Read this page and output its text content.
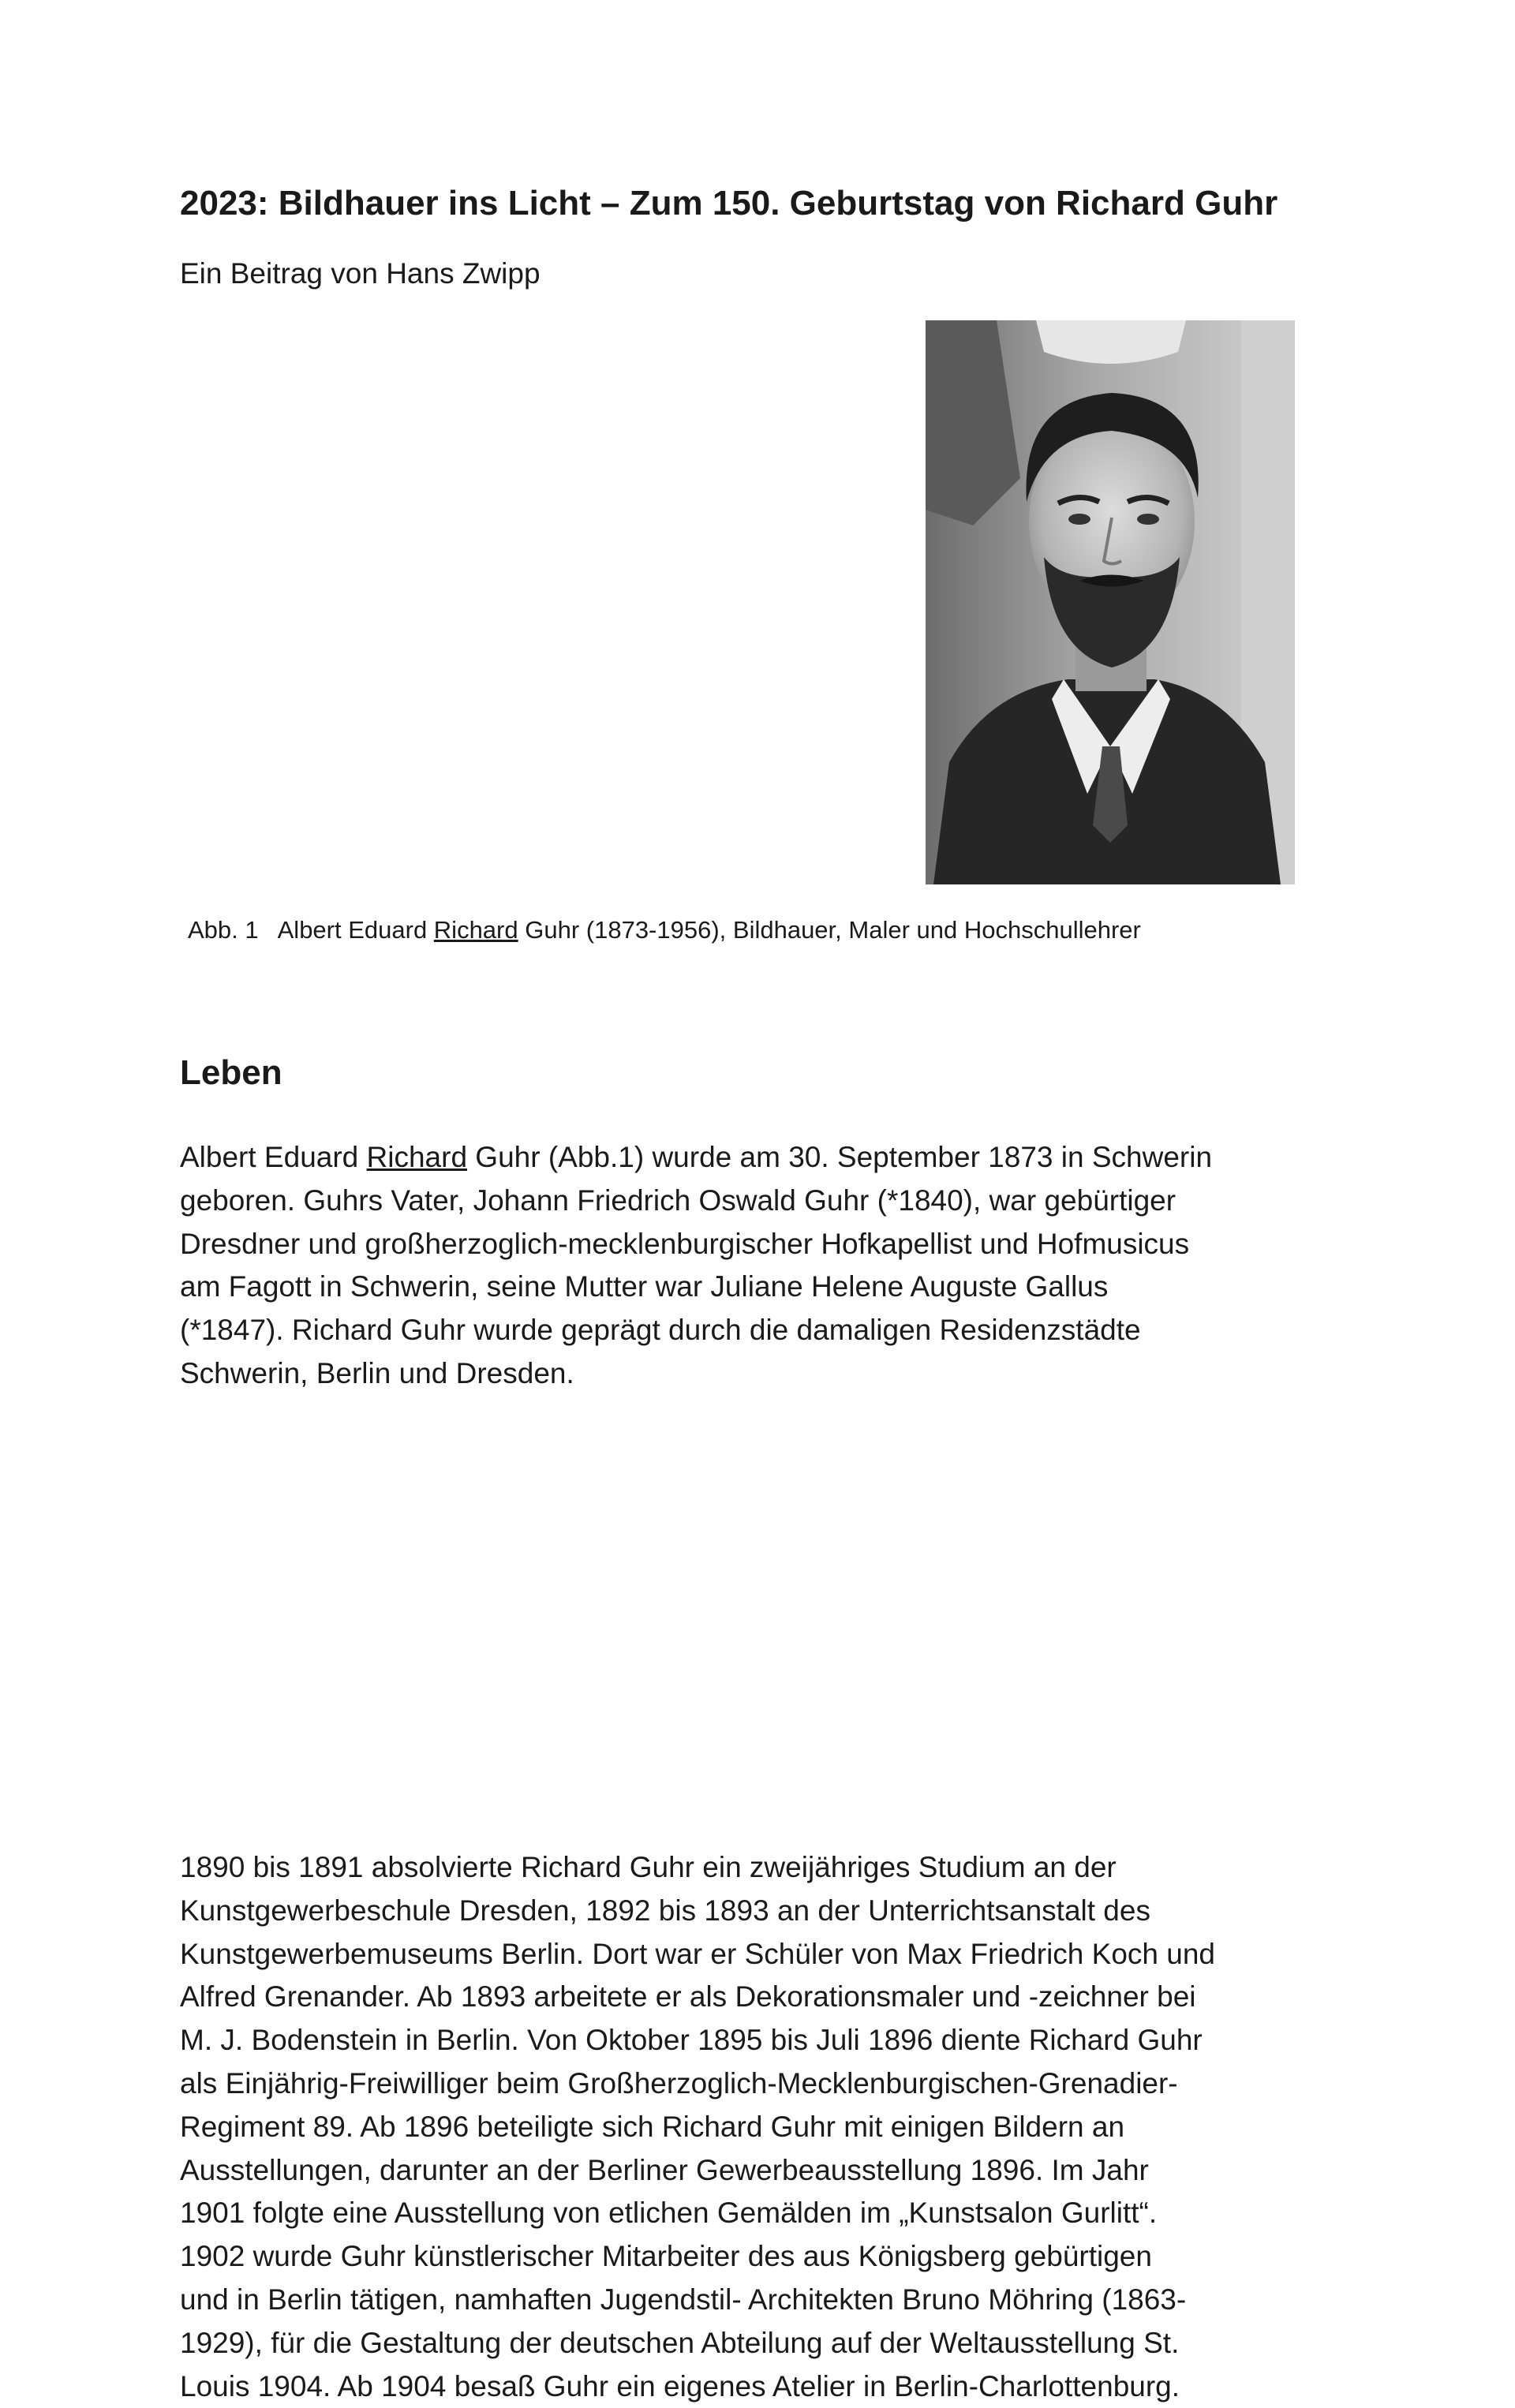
2023: Bildhauer ins Licht – Zum 150. Geburtstag von Richard Guhr

Ein Beitrag von Hans Zwipp

Abb. 1 Albert Eduard Richard Guhr (1873-1956), Bildhauer, Maler und Hochschullehrer

Leben
Albert Eduard Richard Guhr (Abb.1) wurde am 30. September 1873 in Schwerin
geboren. Guhrs Vater, Johann Friedrich Oswald Guhr (*1840), war gebürtiger
Dresdner und großherzoglich-mecklenburgischer Hofkapellist und Hofmusicus
am Fagott in Schwerin, seine Mutter war Juliane Helene Auguste Gallus
(*1847). Richard Guhr wurde geprägt durch die damaligen Residenzstädte
Schwerin, Berlin und Dresden.
1890 bis 1891 absolvierte Richard Guhr ein zweijähriges Studium an der
Kunstgewerbeschule Dresden, 1892 bis 1893 an der Unterrichtsanstalt des
Kunstgewerbemuseums Berlin. Dort war er Schüler von Max Friedrich Koch und
Alfred Grenander. Ab 1893 arbeitete er als Dekorationsmaler und -zeichner bei
M. J. Bodenstein in Berlin. Von Oktober 1895 bis Juli 1896 diente Richard Guhr
als Einjährig-Freiwilliger beim Großherzoglich-Mecklenburgischen-Grenadier-
Regiment 89. Ab 1896 beteiligte sich Richard Guhr mit einigen Bildern an
Ausstellungen, darunter an der Berliner Gewerbeausstellung 1896. Im Jahr
1901 folgte eine Ausstellung von etlichen Gemälden im „Kunstsalon Gurlitt“.
1902 wurde Guhr künstlerischer Mitarbeiter des aus Königsberg gebürtigen
und in Berlin tätigen, namhaften Jugendstil- Architekten Bruno Möhring (1863-
1929), für die Gestaltung der deutschen Abteilung auf der Weltausstellung St.
Louis 1904. Ab 1904 besaß Guhr ein eigenes Atelier in Berlin-Charlottenburg.
